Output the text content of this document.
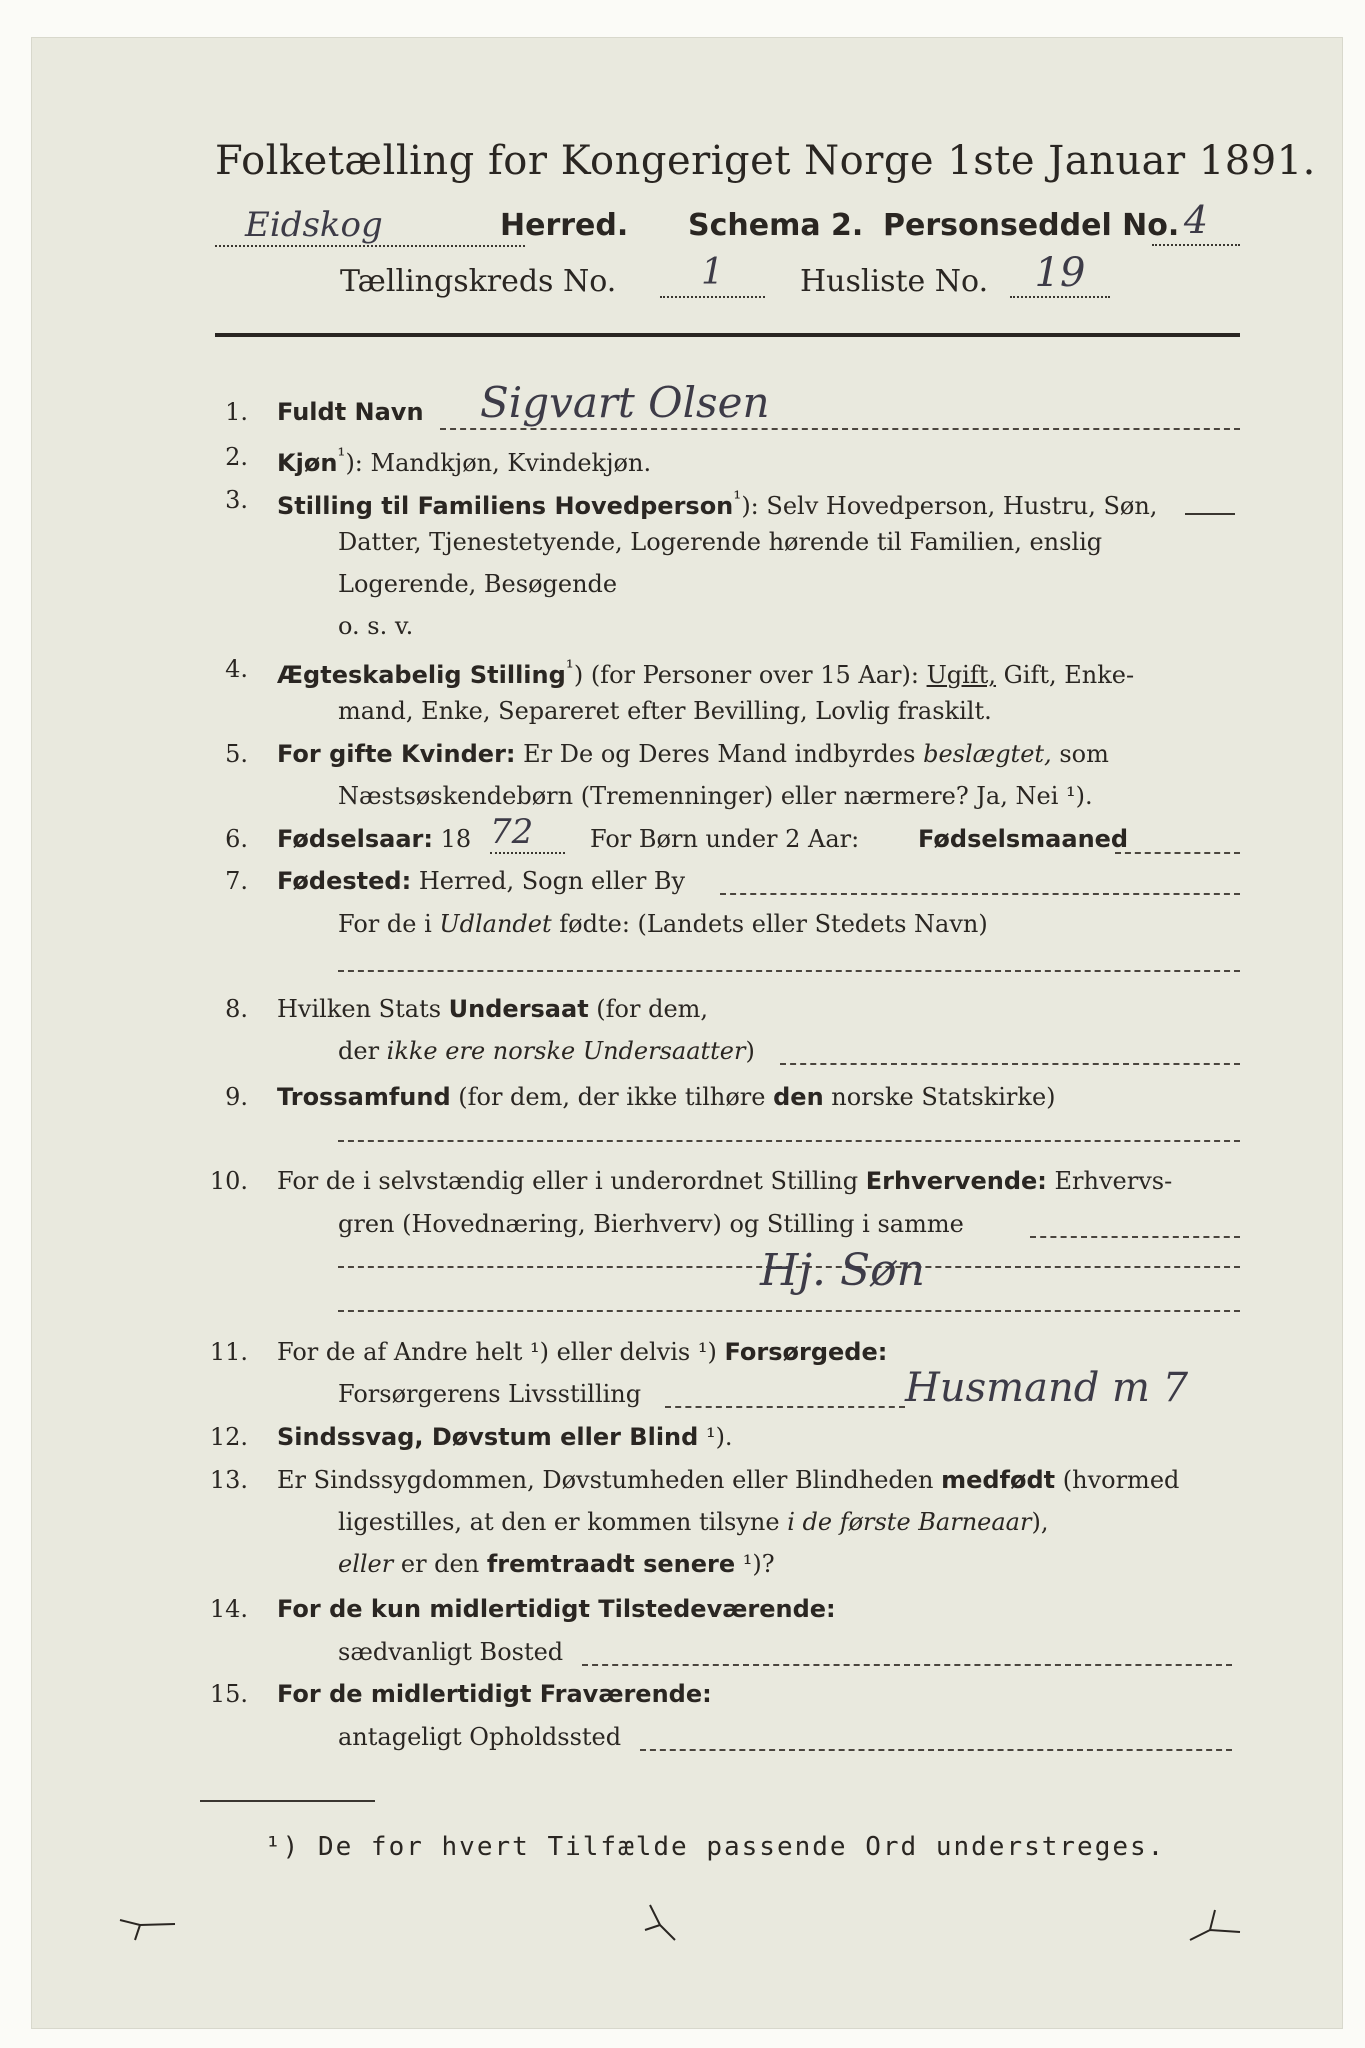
Folketælling for Kongeriget Norge 1ste Januar 1891.
Eidskog	Herred. Schema 2. Personseddel No. 4
Tællingskreds No.	1	Husliste No.	19
1. Fuldt Navn Sigvart Olsen
2. Kjøn$^{^1}$): Mandkjøn, Kvindekjøn.
3. Stilling til Familiens Hovedperson$^{^1}$): Selv Hovedperson, Hustru, Søn,
Datter, Tjenestetyende, Logerende hørende til Familien, enslig
Logerende, Besøgende
o. s. v.
4. Ægteskabelig Stilling$^{^1}$) (for Personer over 15 Aar): Ugift, Gift, Enke-
mand, Enke, Separeret efter Bevilling, Lovlig fraskilt.
5. For gifte Kvinder: Er De og Deres Mand indbyrdes beslægtet, som
Næstsøskendebørn (Tremenninger) eller nærmere? Ja, Nei ¹).
6. Fødselsaar: 18 72	For Børn under 2 Aar: Fødselsmaaned
7. Fødested: Herred, Sogn eller By
For de i Udlandet fødte: (Landets eller Stedets Navn)
8. Hvilken Stats Undersaat (for dem,
der ikke ere norske Undersaatter)
9. Trossamfund (for dem, der ikke tilhøre den norske Statskirke)
10. For de i selvstændig eller i underordnet Stilling Erhvervende: Erhvervs-
gren (Hovednæring, Bierhverv) og Stilling i samme
Hj. Søn
11. For de af Andre helt ¹) eller delvis ¹) Forsørgede:
Forsørgerens Livsstilling	Husmand m 7
12. Sindssvag, Døvstum eller Blind ¹).
13. Er Sindssygdommen, Døvstumheden eller Blindheden medfødt (hvormed
ligestilles, at den er kommen tilsyne i de første Barneaar),
eller er den fremtraadt senere ¹)?
14. For de kun midlertidigt Tilstedeværende:
sædvanligt Bosted
15. For de midlertidigt Fraværende:
antageligt Opholdssted
¹) De for hvert Tilfælde passende Ord understreges.
